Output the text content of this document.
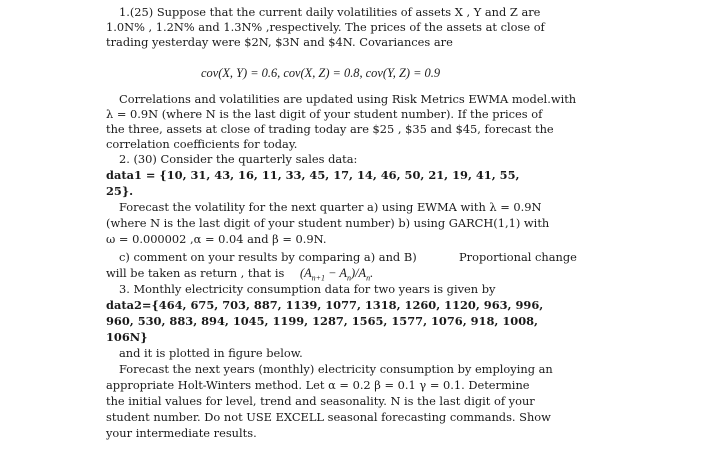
1.(25) Suppose that the current daily volatilities of assets X , Y and Z are
1.0N% , 1.2N% and 1.3N% ,respectively. The prices of the assets at close of
trading yesterday were $2N, $3N and $4N. Covariances are
cov(X, Y) = 0.6, cov(X, Z) = 0.8, cov(Y, Z) = 0.9
Correlations and volatilities are updated using Risk Metrics EWMA model.with
λ = 0.9N (where N is the last digit of your student number). If the prices of
the three, assets at close of trading today are $25 , $35 and $45, forecast the
correlation coefficients for today.
2. (30) Consider the quarterly sales data:
data1 = {10, 31, 43, 16, 11, 33, 45, 17, 14, 46, 50, 21, 19, 41, 55,
25}.
Forecast the volatility for the next quarter a) using EWMA with λ = 0.9N
(where N is the last digit of your student number) b) using GARCH(1,1) with
ω = 0.000002 ,α = 0.04 and β = 0.9N.
c) comment on your results by comparing a) and B)	Proportional change
will be taken as return , that is $(A_{n+1} - A_n)/A_n$.
3. Monthly electricity consumption data for two years is given by
data2={464, 675, 703, 887, 1139, 1077, 1318, 1260, 1120, 963, 996,
960, 530, 883, 894, 1045, 1199, 1287, 1565, 1577, 1076, 918, 1008,
106N}
and it is plotted in figure below.
Forecast the next years (monthly) electricity consumption by employing an
appropriate Holt-Winters method. Let α = 0.2 β = 0.1 γ = 0.1. Determine
the initial values for level, trend and seasonality. N is the last digit of your
student number. Do not USE EXCELL seasonal forecasting commands. Show
your intermediate results.
